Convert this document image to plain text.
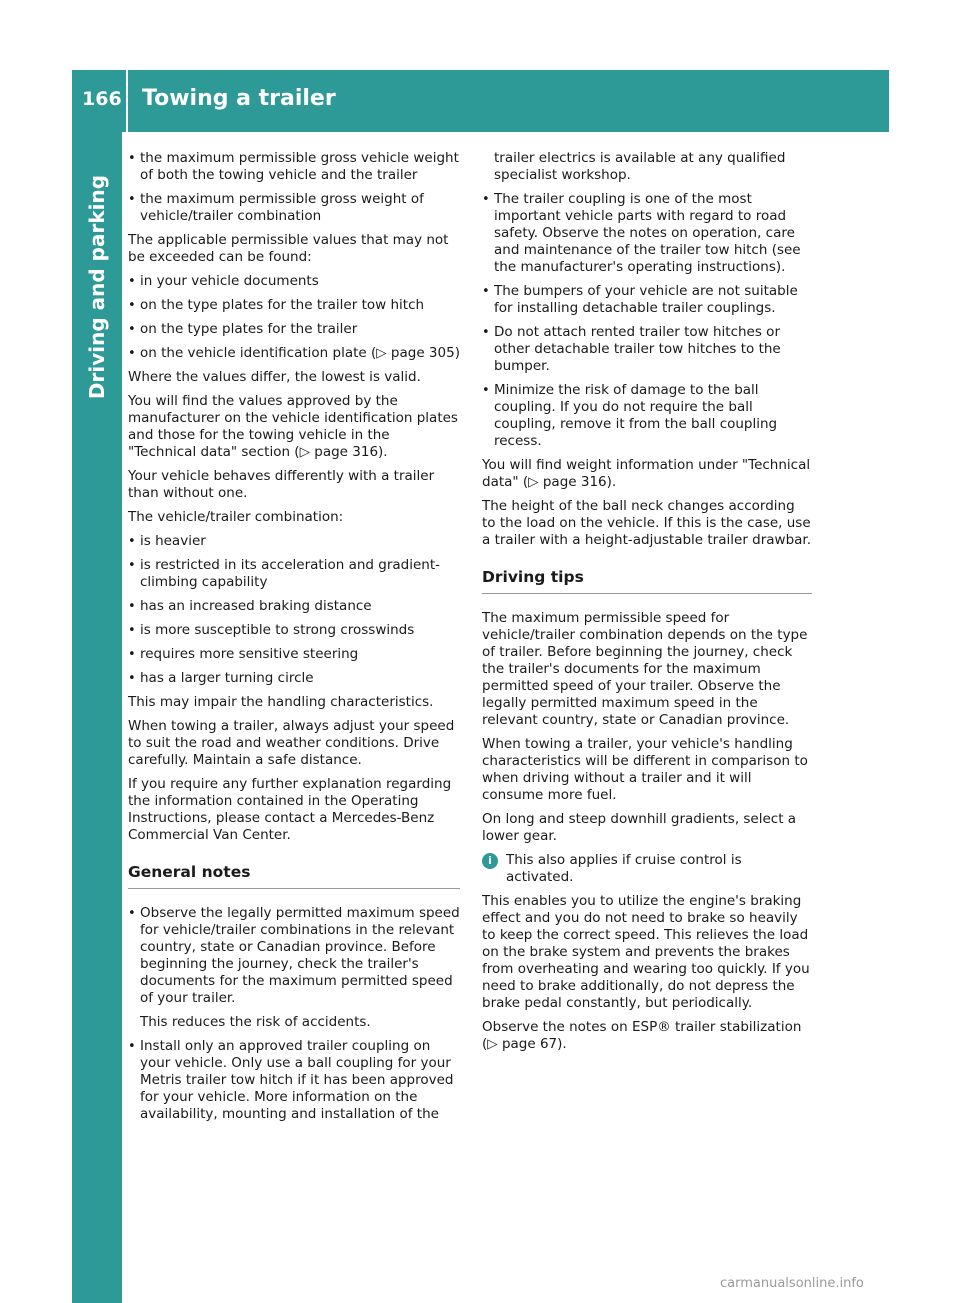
166 Towing a trailer
Driving and parking
• the maximum permissible gross vehicle weight of both the towing vehicle and the trailer
• the maximum permissible gross weight of vehicle/trailer combination
The applicable permissible values that may not be exceeded can be found:
• in your vehicle documents
• on the type plates for the trailer tow hitch
• on the type plates for the trailer
• on the vehicle identification plate (▷ page 305)
Where the values differ, the lowest is valid.
You will find the values approved by the manufacturer on the vehicle identification plates and those for the towing vehicle in the "Technical data" section (▷ page 316).
Your vehicle behaves differently with a trailer than without one.
The vehicle/trailer combination:
• is heavier
• is restricted in its acceleration and gradient-climbing capability
• has an increased braking distance
• is more susceptible to strong crosswinds
• requires more sensitive steering
• has a larger turning circle
This may impair the handling characteristics.
When towing a trailer, always adjust your speed to suit the road and weather conditions. Drive carefully. Maintain a safe distance.
If you require any further explanation regarding the information contained in the Operating Instructions, please contact a Mercedes-Benz Commercial Van Center.
General notes
• Observe the legally permitted maximum speed for vehicle/trailer combinations in the relevant country, state or Canadian province. Before beginning the journey, check the trailer's documents for the maximum permitted speed of your trailer.
This reduces the risk of accidents.
• Install only an approved trailer coupling on your vehicle. Only use a ball coupling for your Metris trailer tow hitch if it has been approved for your vehicle. More information on the availability, mounting and installation of the
trailer electrics is available at any qualified specialist workshop.
• The trailer coupling is one of the most important vehicle parts with regard to road safety. Observe the notes on operation, care and maintenance of the trailer tow hitch (see the manufacturer's operating instructions).
• The bumpers of your vehicle are not suitable for installing detachable trailer couplings.
• Do not attach rented trailer tow hitches or other detachable trailer tow hitches to the bumper.
• Minimize the risk of damage to the ball coupling. If you do not require the ball coupling, remove it from the ball coupling recess.
You will find weight information under "Technical data" (▷ page 316).
The height of the ball neck changes according to the load on the vehicle. If this is the case, use a trailer with a height-adjustable trailer drawbar.
Driving tips
The maximum permissible speed for vehicle/trailer combination depends on the type of trailer. Before beginning the journey, check the trailer's documents for the maximum permitted speed of your trailer. Observe the legally permitted maximum speed in the relevant country, state or Canadian province.
When towing a trailer, your vehicle's handling characteristics will be different in comparison to when driving without a trailer and it will consume more fuel.
On long and steep downhill gradients, select a lower gear.
i	This also applies if cruise control is activated.
This enables you to utilize the engine's braking effect and you do not need to brake so heavily to keep the correct speed. This relieves the load on the brake system and prevents the brakes from overheating and wearing too quickly. If you need to brake additionally, do not depress the brake pedal constantly, but periodically.
Observe the notes on ESP® trailer stabilization (▷ page 67).
carmanualsonline.info
